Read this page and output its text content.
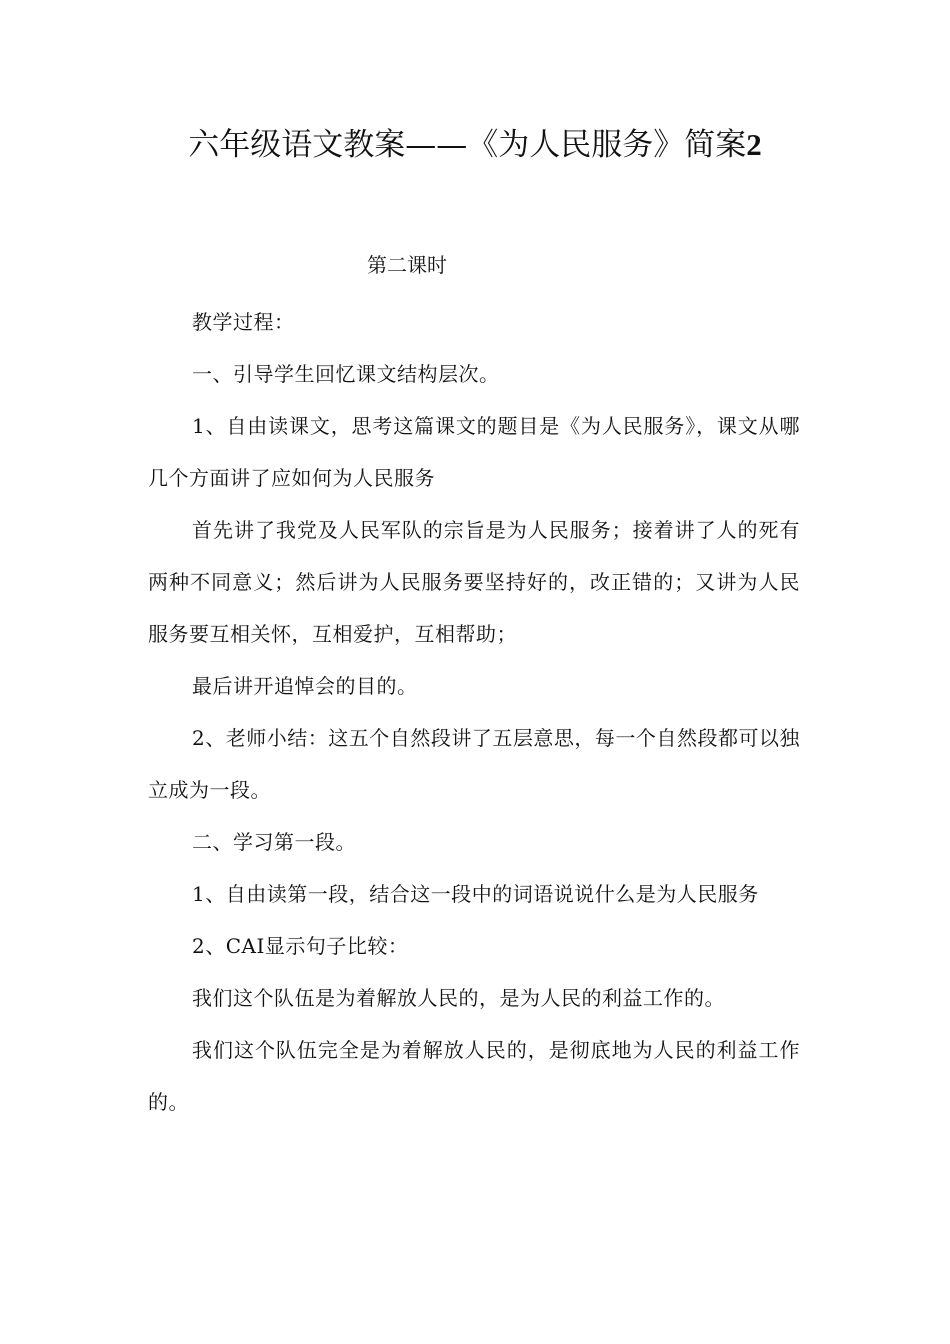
六年级语文教案——《为人民服务》简案2

第二课时

教学过程：

一、引导学生回忆课文结构层次。

1、自由读课文，思考这篇课文的题目是《为人民服务》，课文从哪几个方面讲了应如何为人民服务

首先讲了我党及人民军队的宗旨是为人民服务；接着讲了人的死有两种不同意义；然后讲为人民服务要坚持好的，改正错的；又讲为人民服务要互相关怀，互相爱护，互相帮助；

最后讲开追悼会的目的。

2、老师小结：这五个自然段讲了五层意思，每一个自然段都可以独立成为一段。

二、学习第一段。

1、自由读第一段，结合这一段中的词语说说什么是为人民服务

2、CAI显示句子比较：

我们这个队伍是为着解放人民的，是为人民的利益工作的。

我们这个队伍完全是为着解放人民的，是彻底地为人民的利益工作的。
